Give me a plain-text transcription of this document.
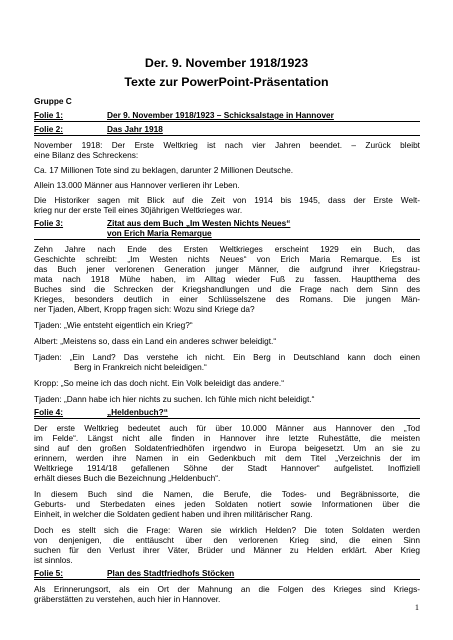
Der. 9. November 1918/1923
Texte zur PowerPoint-Präsentation
Gruppe C
Folie 1:	Der 9. November 1918/1923 – Schicksalstage in Hannover
Folie 2:	Das Jahr 1918
November 1918: Der Erste Weltkrieg ist nach vier Jahren beendet. – Zurück bleibt
eine Bilanz des Schreckens:
Ca. 17 Millionen Tote sind zu beklagen, darunter 2 Millionen Deutsche.
Allein 13.000 Männer aus Hannover verlieren ihr Leben.
Die Historiker sagen mit Blick auf die Zeit von 1914 bis 1945, dass der Erste Welt-
krieg nur der erste Teil eines 30jährigen Weltkrieges war.
Folie 3:	Zitat aus dem Buch „Im Westen Nichts Neues“
von Erich Maria Remarque
Zehn Jahre nach Ende des Ersten Weltkrieges erscheint 1929 ein Buch, das
Geschichte schreibt: „Im Westen nichts Neues“ von Erich Maria Remarque. Es ist
das Buch jener verlorenen Generation junger Männer, die aufgrund ihrer Kriegstrau-
mata nach 1918 Mühe haben, im Alltag wieder Fuß zu fassen. Hauptthema des
Buches sind die Schrecken der Kriegshandlungen und die Frage nach dem Sinn des
Krieges, besonders deutlich in einer Schlüsselszene des Romans. Die jungen Män-
ner Tjaden, Albert, Kropp fragen sich: Wozu sind Kriege da?
Tjaden: „Wie entsteht eigentlich ein Krieg?“
Albert: „Meistens so, dass ein Land ein anderes schwer beleidigt.“
Tjaden: „Ein Land? Das verstehe ich nicht. Ein Berg in Deutschland kann doch einen
Berg in Frankreich nicht beleidigen.“
Kropp: „So meine ich das doch nicht. Ein Volk beleidigt das andere.“
Tjaden: „Dann habe ich hier nichts zu suchen. Ich fühle mich nicht beleidigt.“
Folie 4:	„Heldenbuch?“
Der erste Weltkrieg bedeutet auch für über 10.000 Männer aus Hannover den „Tod
im Felde“. Längst nicht alle finden in Hannover ihre letzte Ruhestätte, die meisten
sind auf den großen Soldatenfriedhöfen irgendwo in Europa beigesetzt. Um an sie zu
erinnern, werden ihre Namen in ein Gedenkbuch mit dem Titel „Verzeichnis der im
Weltkriege 1914/18 gefallenen Söhne der Stadt Hannover“ aufgelistet. Inoffiziell
erhält dieses Buch die Bezeichnung „Heldenbuch“.
In diesem Buch sind die Namen, die Berufe, die Todes- und Begräbnissorte, die
Geburts- und Sterbedaten eines jeden Soldaten notiert sowie Informationen über die
Einheit, in welcher die Soldaten gedient haben und ihren militärischer Rang.
Doch es stellt sich die Frage: Waren sie wirklich Helden? Die toten Soldaten werden
von denjenigen, die enttäuscht über den verlorenen Krieg sind, die einen Sinn
suchen für den Verlust ihrer Väter, Brüder und Männer zu Helden erklärt. Aber Krieg
ist sinnlos.
Folie 5:	Plan des Stadtfriedhofs Stöcken
Als Erinnerungsort, als ein Ort der Mahnung an die Folgen des Krieges sind Kriegs-
gräberstätten zu verstehen, auch hier in Hannover.
1
